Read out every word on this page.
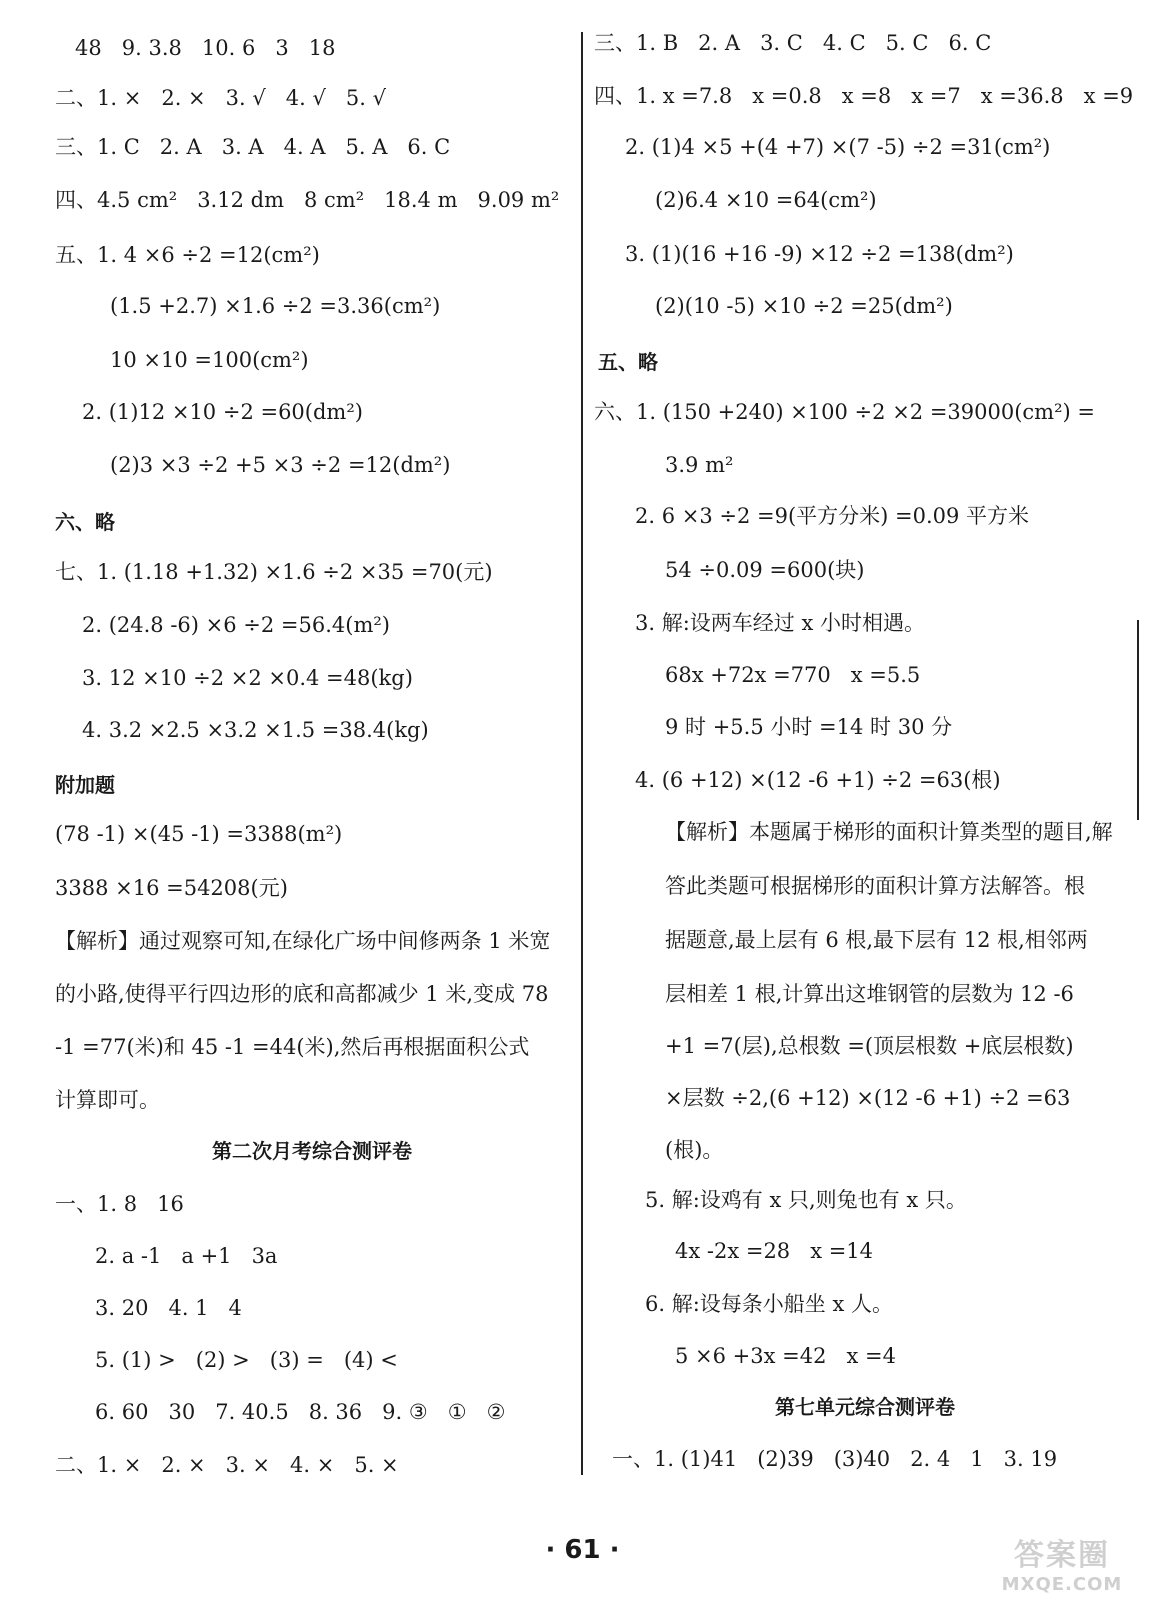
48   9. 3.8   10. 6   3   18
二、1. ×   2. ×   3. √   4. √   5. √
三、1. C   2. A   3. A   4. A   5. A   6. C
四、4.5 cm²   3.12 dm   8 cm²   18.4 m   9.09 m²
五、1. 4 ×6 ÷2 =12(cm²)
(1.5 +2.7) ×1.6 ÷2 =3.36(cm²)
10 ×10 =100(cm²)
2. (1)12 ×10 ÷2 =60(dm²)
(2)3 ×3 ÷2 +5 ×3 ÷2 =12(dm²)
六、略
七、1. (1.18 +1.32) ×1.6 ÷2 ×35 =70(元)
2. (24.8 -6) ×6 ÷2 =56.4(m²)
3. 12 ×10 ÷2 ×2 ×0.4 =48(kg)
4. 3.2 ×2.5 ×3.2 ×1.5 =38.4(kg)
附加题
(78 -1) ×(45 -1) =3388(m²)
3388 ×16 =54208(元)
【解析】通过观察可知,在绿化广场中间修两条 1 米宽
的小路,使得平行四边形的底和高都减少 1 米,变成 78
-1 =77(米)和 45 -1 =44(米),然后再根据面积公式
计算即可。
第二次月考综合测评卷
一、1. 8   16
2. a -1   a +1   3a
3. 20   4. 1   4
5. (1) >   (2) >   (3) =   (4) <
6. 60   30   7. 40.5   8. 36   9. ③   ①   ②
二、1. ×   2. ×   3. ×   4. ×   5. ×
三、1. B   2. A   3. C   4. C   5. C   6. C
四、1. x =7.8   x =0.8   x =8   x =7   x =36.8   x =9
2. (1)4 ×5 +(4 +7) ×(7 -5) ÷2 =31(cm²)
(2)6.4 ×10 =64(cm²)
3. (1)(16 +16 -9) ×12 ÷2 =138(dm²)
(2)(10 -5) ×10 ÷2 =25(dm²)
五、略
六、1. (150 +240) ×100 ÷2 ×2 =39000(cm²) =
3.9 m²
2. 6 ×3 ÷2 =9(平方分米) =0.09 平方米
54 ÷0.09 =600(块)
3. 解:设两车经过 x 小时相遇。
68x +72x =770   x =5.5
9 时 +5.5 小时 =14 时 30 分
4. (6 +12) ×(12 -6 +1) ÷2 =63(根)
【解析】本题属于梯形的面积计算类型的题目,解
答此类题可根据梯形的面积计算方法解答。根
据题意,最上层有 6 根,最下层有 12 根,相邻两
层相差 1 根,计算出这堆钢管的层数为 12 -6
+1 =7(层),总根数 =(顶层根数 +底层根数)
×层数 ÷2,(6 +12) ×(12 -6 +1) ÷2 =63
(根)。
5. 解:设鸡有 x 只,则兔也有 x 只。
4x -2x =28   x =14
6. 解:设每条小船坐 x 人。
5 ×6 +3x =42   x =4
第七单元综合测评卷
一、1. (1)41   (2)39   (3)40   2. 4   1   3. 19
· 61 ·	答案圈
MXQE.COM
